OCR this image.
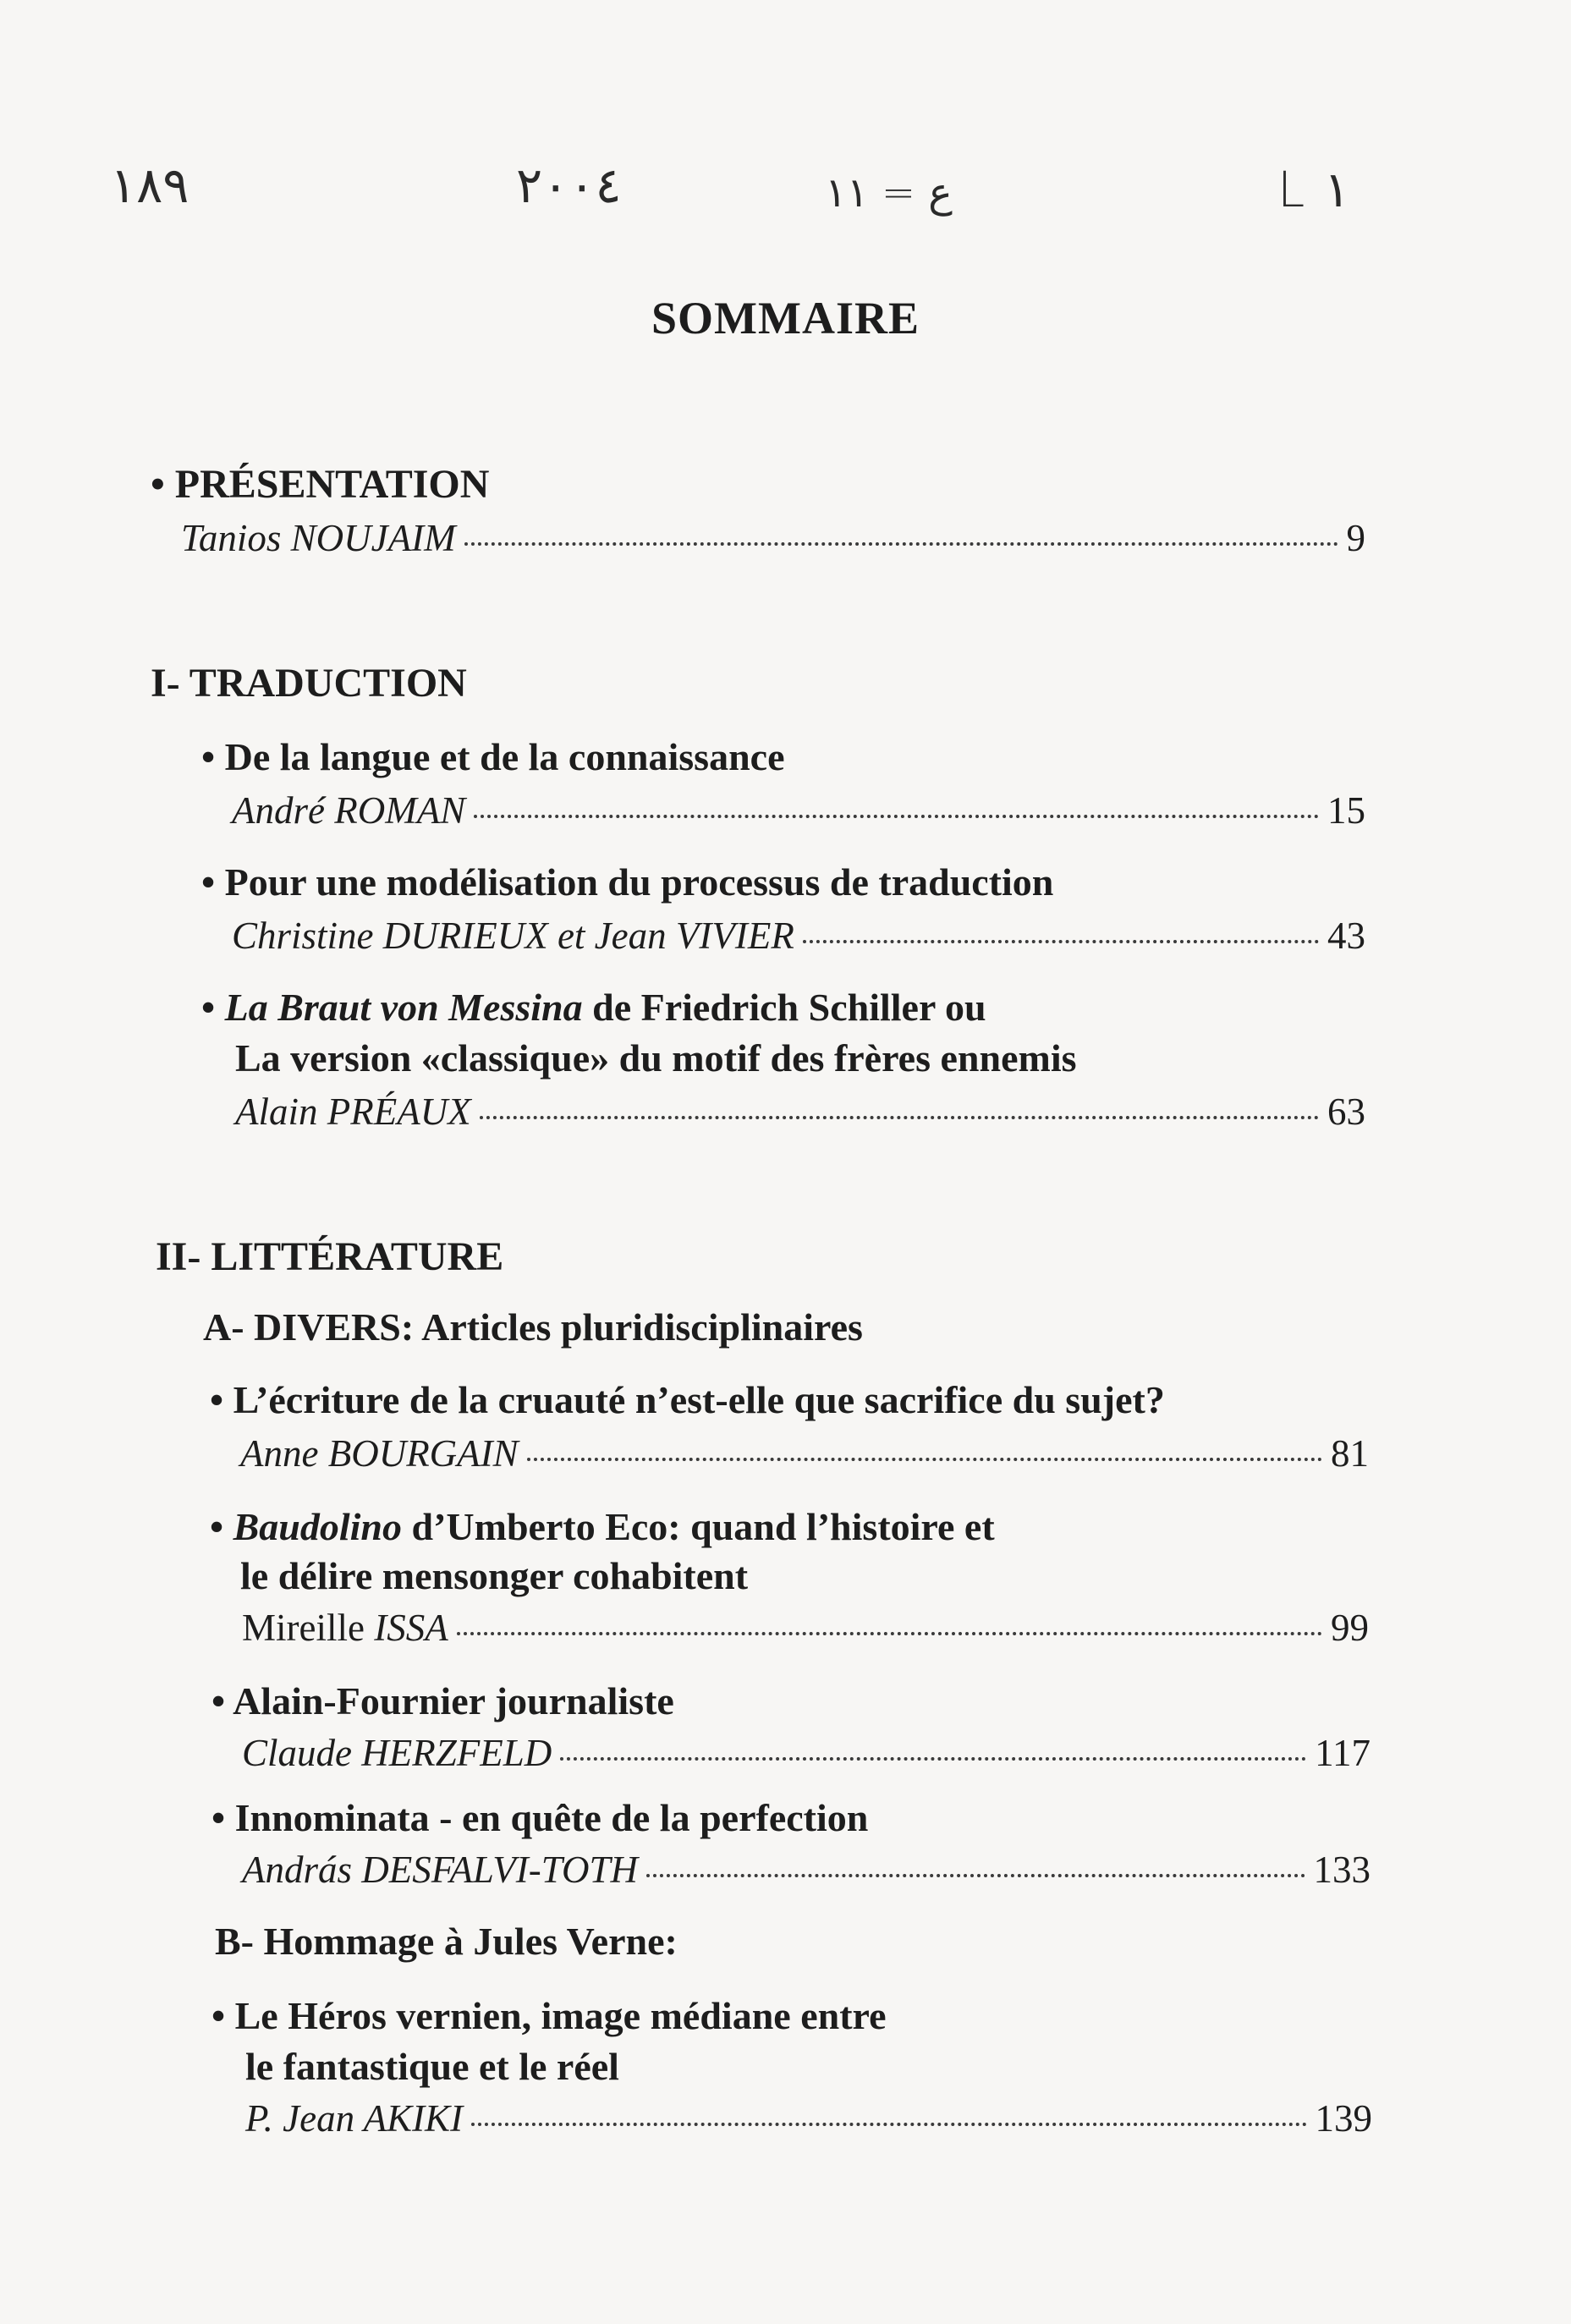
١٨٩	٢٠٠٤	ع = ١١	L ١
SOMMAIRE
• PRÉSENTATION
Tanios NOUJAIM	9
I- TRADUCTION
• De la langue et de la connaissance
André ROMAN	15
• Pour une modélisation du processus de traduction
Christine DURIEUX et Jean VIVIER	43
• La Braut von Messina de Friedrich Schiller ou
La version «classique» du motif des frères ennemis
Alain PRÉAUX	63
II- LITTÉRATURE
A- DIVERS: Articles pluridisciplinaires
• L’écriture de la cruauté n’est-elle que sacrifice du sujet?
Anne BOURGAIN	81
• Baudolino d’Umberto Eco: quand l’histoire et
le délire mensonger cohabitent
Mireille ISSA	99
• Alain-Fournier journaliste
Claude HERZFELD	117
• Innominata - en quête de la perfection
András DESFALVI-TOTH	133
B- Hommage à Jules Verne:
• Le Héros vernien, image médiane entre
le fantastique et le réel
P. Jean AKIKI	139
